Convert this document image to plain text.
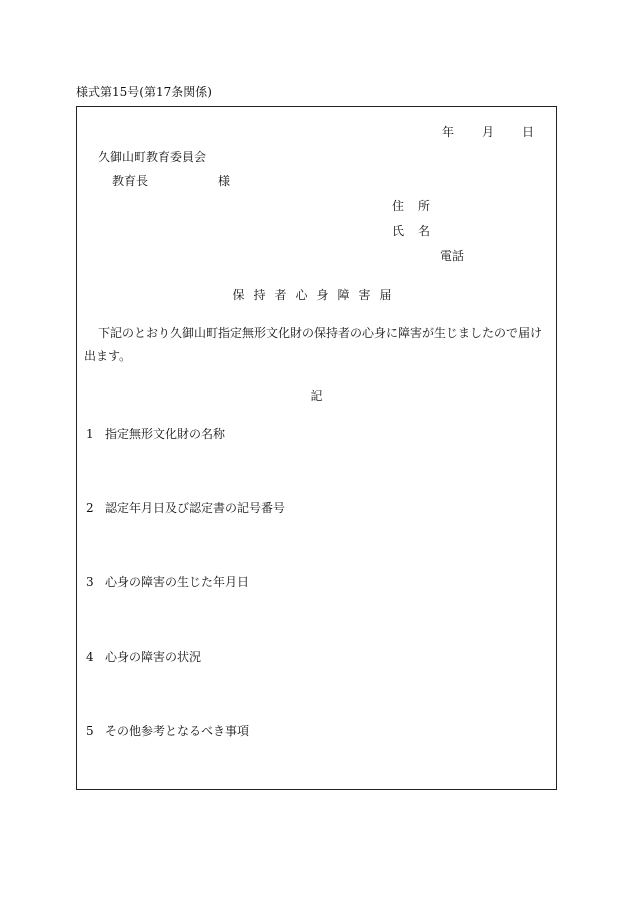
様式第15号(第17条関係)
年 月 日
久御山町教育委員会
教育長	様
住 所
氏 名
電話
保持者心身障害届
下記のとおり久御山町指定無形文化財の保持者の心身に障害が生じましたので届け出ます。
記
1 指定無形文化財の名称
2 認定年月日及び認定書の記号番号
3 心身の障害の生じた年月日
4 心身の障害の状況
5 その他参考となるべき事項
